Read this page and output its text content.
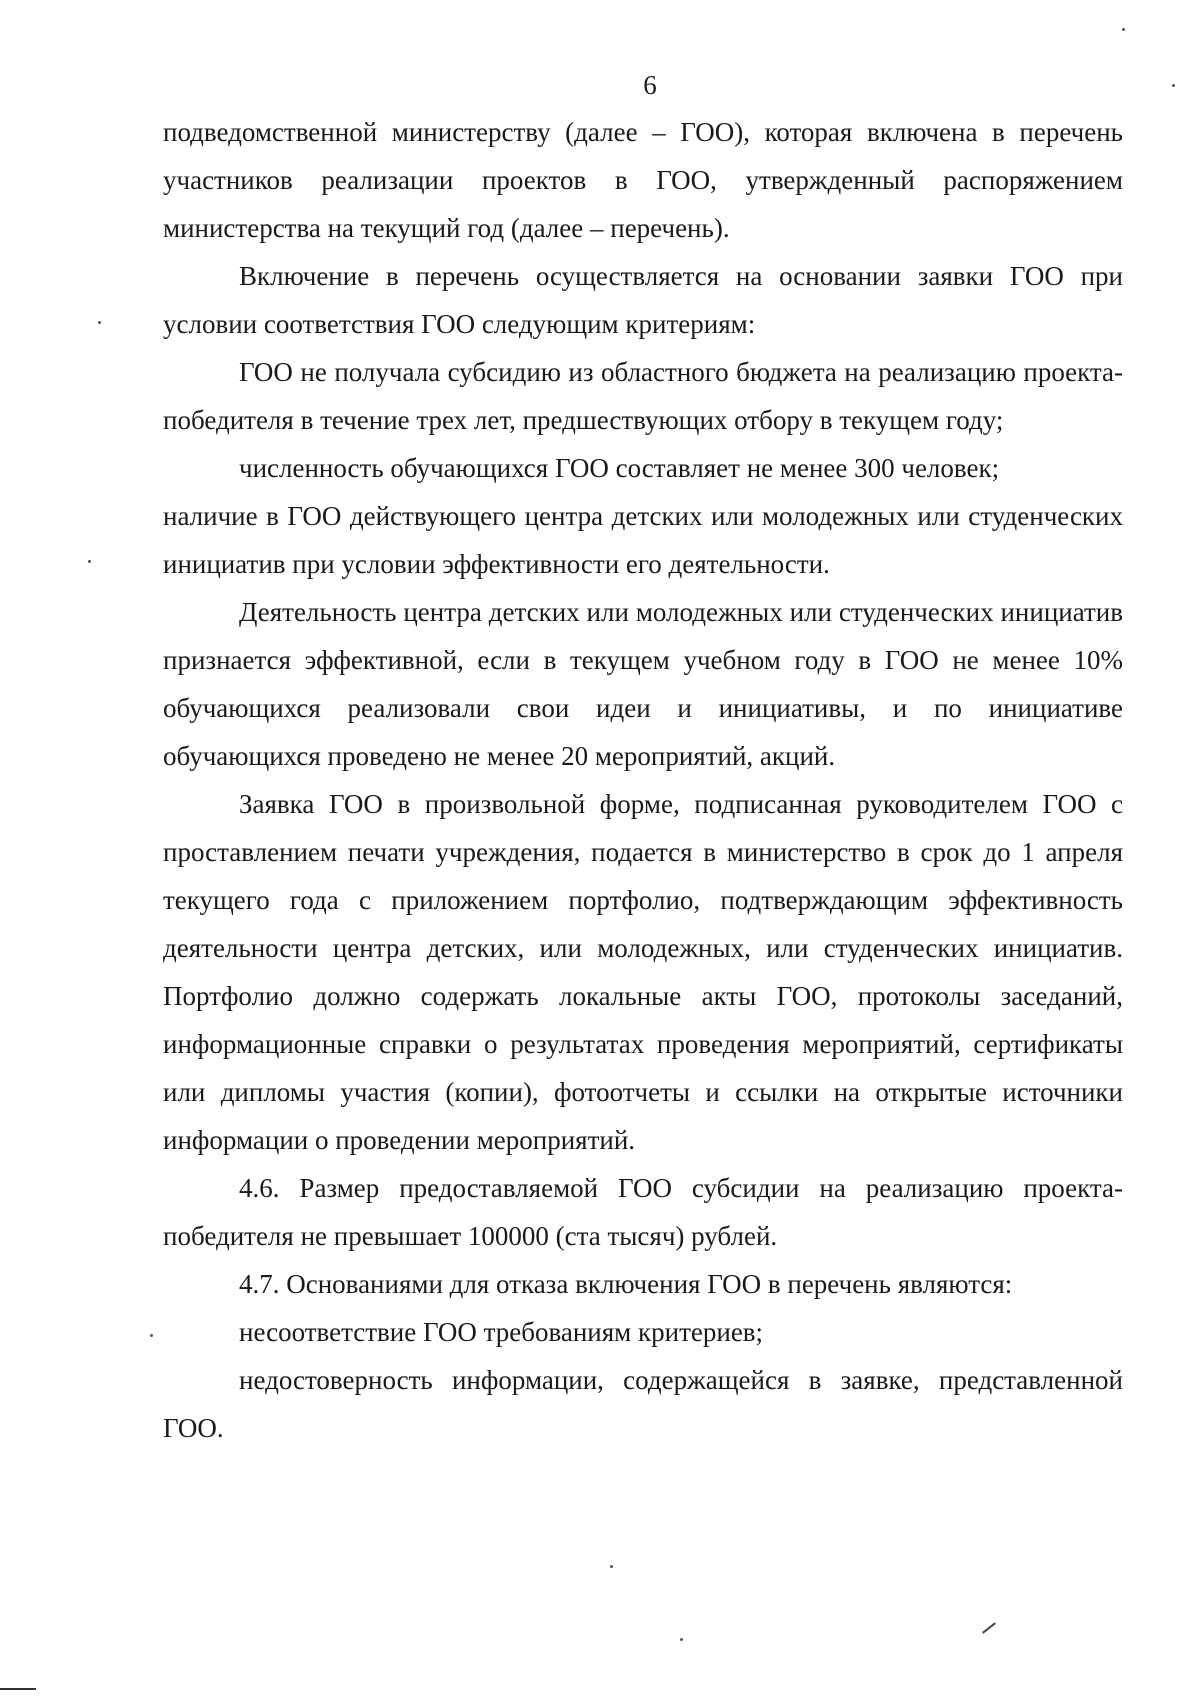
6

подведомственной министерству (далее – ГОО), которая включена в перечень участников реализации проектов в ГОО, утвержденный распоряжением министерства на текущий год (далее – перечень).

Включение в перечень осуществляется на основании заявки ГОО при условии соответствия ГОО следующим критериям:

ГОО не получала субсидию из областного бюджета на реализацию проекта-победителя в течение трех лет, предшествующих отбору в текущем году;

численность обучающихся ГОО составляет не менее 300 человек;

наличие в ГОО действующего центра детских или молодежных или студенческих инициатив при условии эффективности его деятельности.

Деятельность центра детских или молодежных или студенческих инициатив признается эффективной, если в текущем учебном году в ГОО не менее 10% обучающихся реализовали свои идеи и инициативы, и по инициативе обучающихся проведено не менее 20 мероприятий, акций.

Заявка ГОО в произвольной форме, подписанная руководителем ГОО с проставлением печати учреждения, подается в министерство в срок до 1 апреля текущего года с приложением портфолио, подтверждающим эффективность деятельности центра детских, или молодежных, или студенческих инициатив. Портфолио должно содержать локальные акты ГОО, протоколы заседаний, информационные справки о результатах проведения мероприятий, сертификаты или дипломы участия (копии), фотоотчеты и ссылки на открытые источники информации о проведении мероприятий.

4.6. Размер предоставляемой ГОО субсидии на реализацию проекта-победителя не превышает 100000 (ста тысяч) рублей.

4.7. Основаниями для отказа включения ГОО в перечень являются:

несоответствие ГОО требованиям критериев;

недостоверность информации, содержащейся в заявке, представленной ГОО.
